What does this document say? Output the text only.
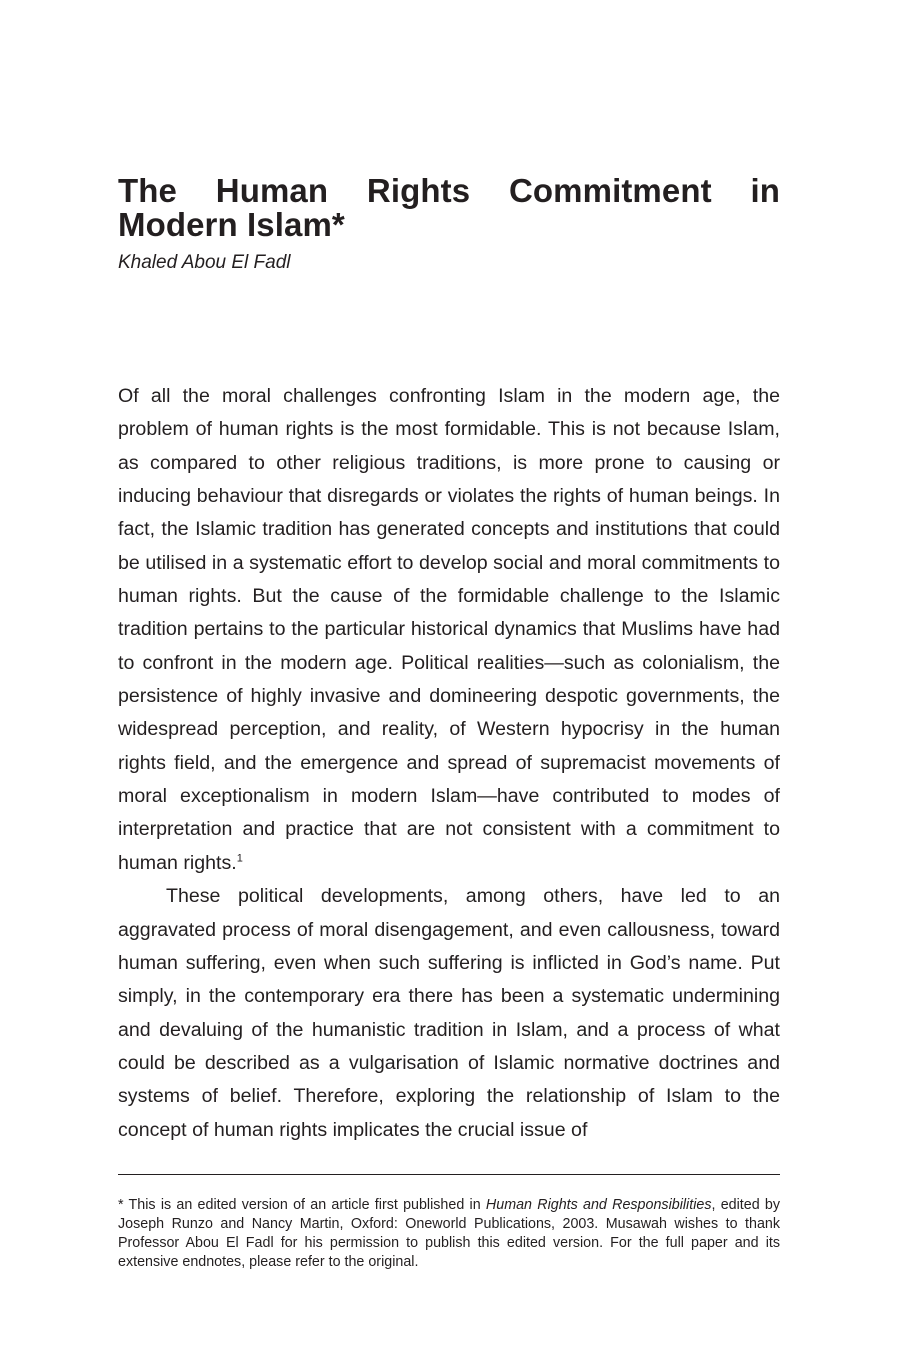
The Human Rights Commitment in Modern Islam*

Khaled Abou El Fadl

Of all the moral challenges confronting Islam in the modern age, the problem of human rights is the most formidable. This is not because Islam, as compared to other religious traditions, is more prone to causing or inducing behaviour that disregards or violates the rights of human beings. In fact, the Islamic tradition has generated concepts and institutions that could be utilised in a systematic effort to develop social and moral commitments to human rights. But the cause of the formidable challenge to the Islamic tradition pertains to the particular historical dynamics that Muslims have had to confront in the modern age. Political realities—such as colonialism, the persistence of highly invasive and domineering despotic governments, the widespread perception, and reality, of Western hypocrisy in the human rights field, and the emergence and spread of supremacist movements of moral exceptionalism in modern Islam—have contributed to modes of interpretation and practice that are not consistent with a commitment to human rights.$^1$

These political developments, among others, have led to an aggravated process of moral disengagement, and even callousness, toward human suffering, even when such suffering is inflicted in God’s name. Put simply, in the contemporary era there has been a systematic undermining and devaluing of the humanistic tradition in Islam, and a process of what could be described as a vulgarisation of Islamic normative doctrines and systems of belief. Therefore, exploring the relationship of Islam to the concept of human rights implicates the crucial issue of

* This is an edited version of an article first published in Human Rights and Responsibilities, edited by Joseph Runzo and Nancy Martin, Oxford: Oneworld Publications, 2003. Musawah wishes to thank Professor Abou El Fadl for his permission to publish this edited version. For the full paper and its extensive endnotes, please refer to the original.
